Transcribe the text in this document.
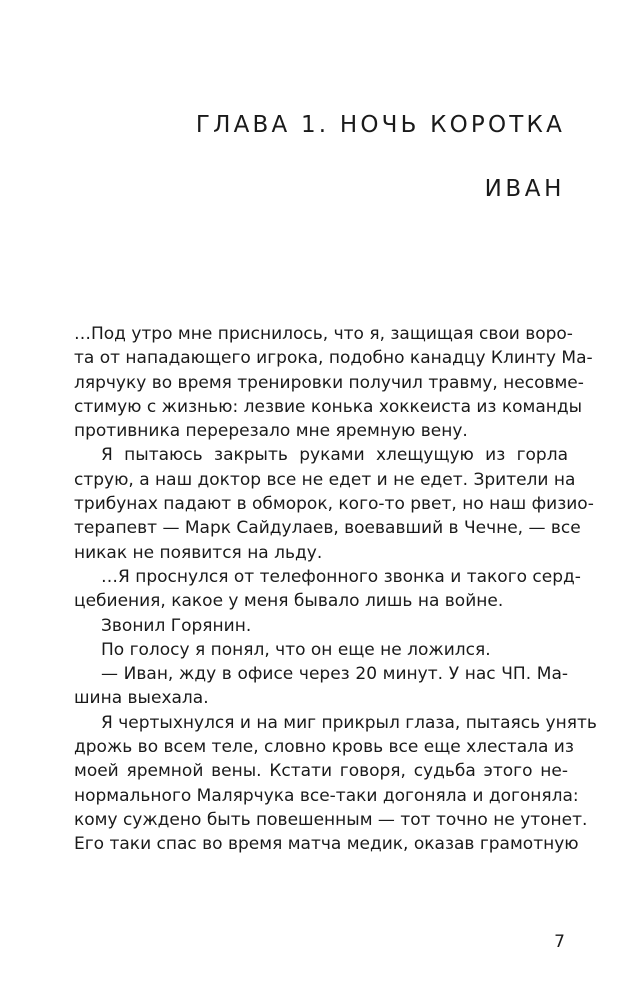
ГЛАВА 1. НОЧЬ КОРОТКА
ИВАН
…Под утро мне приснилось, что я, защищая свои воро-
та от нападающего игрока, подобно канадцу Клинту Ма-
лярчуку во время тренировки получил травму, несовме-
стимую с жизнью: лезвие конька хоккеиста из команды
противника перерезало мне яремную вену.
Я пытаюсь закрыть руками хлещущую из горла
струю, а наш доктор все не едет и не едет. Зрители на
трибунах падают в обморок, кого-то рвет, но наш физио-
терапевт — Марк Сайдулаев, воевавший в Чечне, — все
никак не появится на льду.
…Я проснулся от телефонного звонка и такого серд-
цебиения, какое у меня бывало лишь на войне.
Звонил Горянин.
По голосу я понял, что он еще не ложился.
— Иван, жду в офисе через 20 минут. У нас ЧП. Ма-
шина выехала.
Я чертыхнулся и на миг прикрыл глаза, пытаясь унять
дрожь во всем теле, словно кровь все еще хлестала из
моей яремной вены. Кстати говоря, судьба этого не-
нормального Малярчука все-таки догоняла и догоняла:
кому суждено быть повешенным — тот точно не утонет.
Его таки спас во время матча медик, оказав грамотную
7
